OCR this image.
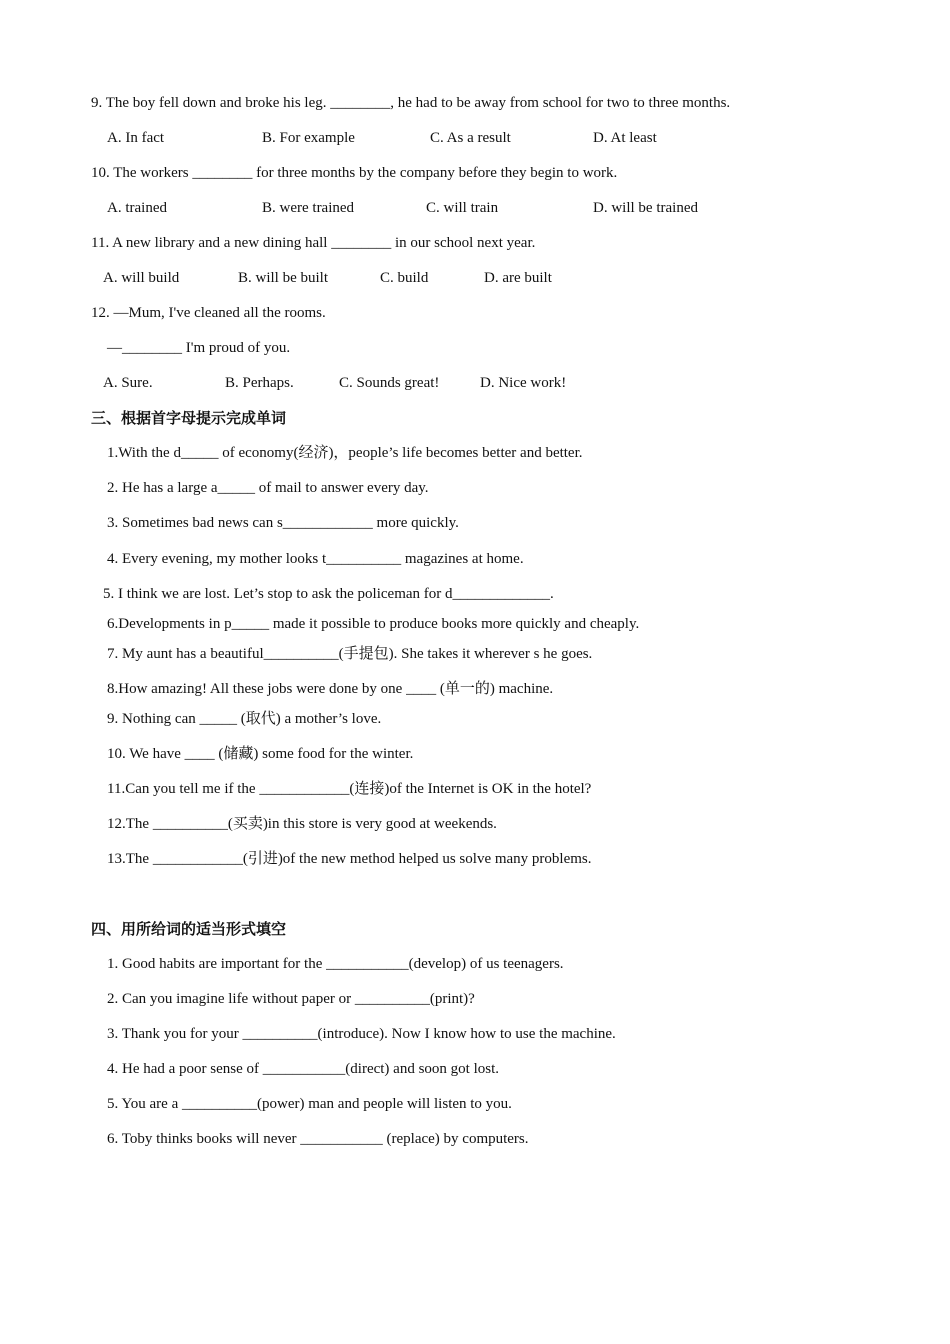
9. The boy fell down and broke his leg. ________, he had to be away from school for two to three months.
A. In fact	B. For example	C. As a result	D. At least
10. The workers ________ for three months by the company before they begin to work.
A. trained	B. were trained	C. will train	D. will be trained
11. A new library and a new dining hall ________ in our school next year.
A. will build	B. will be built	C. build	D. are built
12. —Mum, I've cleaned all the rooms.
—________ I'm proud of you.
A. Sure.	B. Perhaps.	C. Sounds great!	D. Nice work!
三、根据首字母提示完成单词
1.With the d_____ of economy(经济)，people’s life becomes better and better.
2. He has a large a_____ of mail to answer every day.
3. Sometimes bad news can s____________ more quickly.
4. Every evening, my mother looks t__________ magazines at home.
5. I think we are lost. Let’s stop to ask the policeman for d_____________.
6.Developments in p_____ made it possible to produce books more quickly and cheaply.
7. My aunt has a beautiful__________(手提包). She takes it wherever s he goes.
8.How amazing! All these jobs were done by one ____ (单一的) machine.
9. Nothing can _____ (取代) a mother’s love.
10. We have ____ (储藏) some food for the winter.
11.Can you tell me if the ____________(连接)of the Internet is OK in the hotel?
12.The __________(买卖)in this store is very good at weekends.
13.The ____________(引进)of the new method helped us solve many problems.
四、用所给词的适当形式填空
1. Good habits are important for the ___________(develop) of us teenagers.
2. Can you imagine life without paper or __________(print)?
3. Thank you for your __________(introduce). Now I know how to use the machine.
4. He had a poor sense of ___________(direct) and soon got lost.
5. You are a __________(power) man and people will listen to you.
6. Toby thinks books will never ___________ (replace) by computers.
